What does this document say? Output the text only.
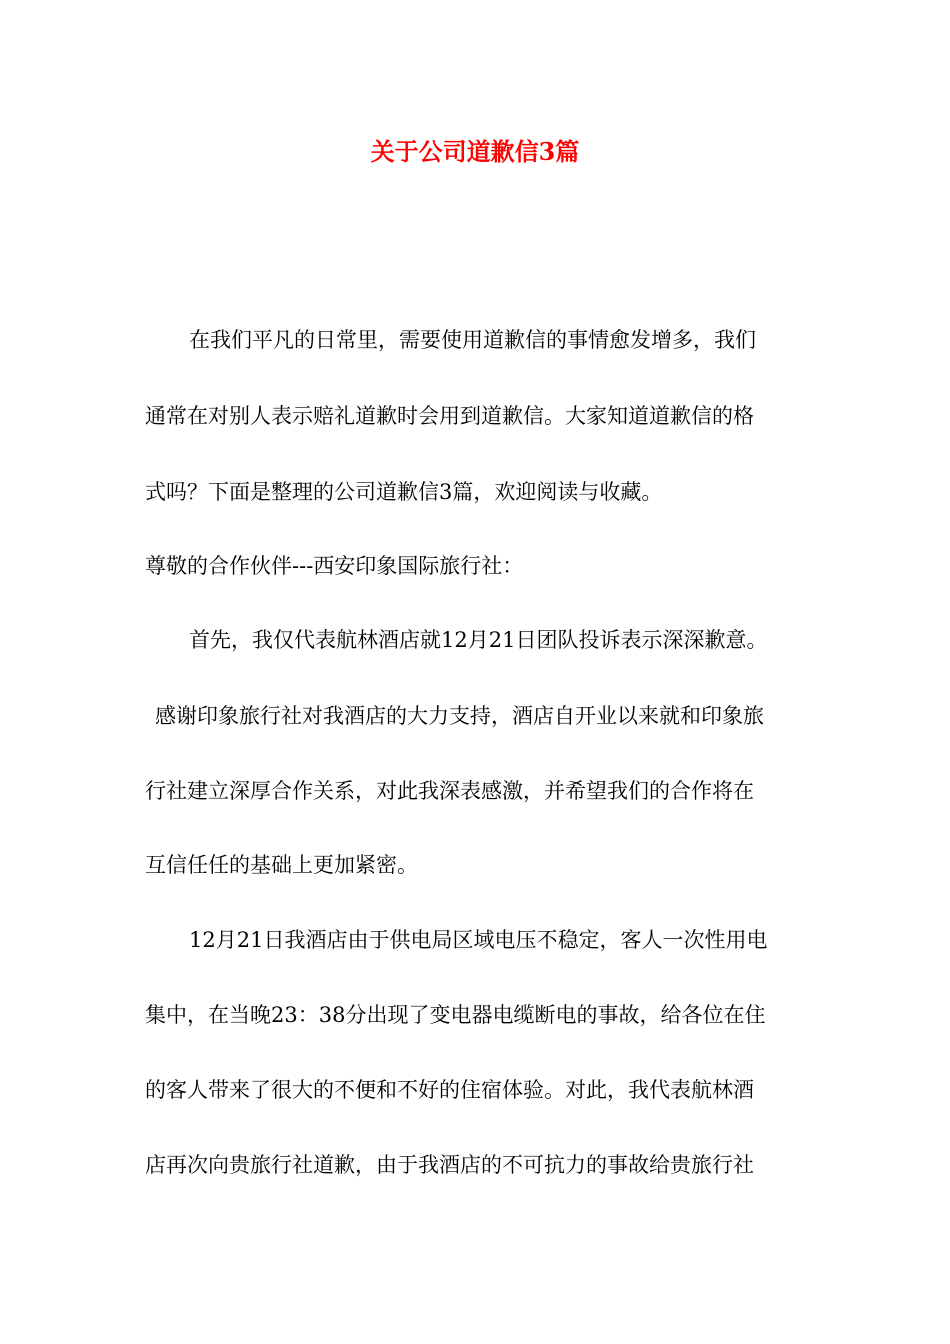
关于公司道歉信3篇

在我们平凡的日常里，需要使用道歉信的事情愈发增多，我们

通常在对别人表示赔礼道歉时会用到道歉信。大家知道道歉信的格

式吗？下面是整理的公司道歉信3篇，欢迎阅读与收藏。

尊敬的合作伙伴---西安印象国际旅行社：

首先，我仅代表航林酒店就12月21日团队投诉表示深深歉意。

感谢印象旅行社对我酒店的大力支持，酒店自开业以来就和印象旅

行社建立深厚合作关系，对此我深表感激，并希望我们的合作将在

互信任任的基础上更加紧密。

12月21日我酒店由于供电局区域电压不稳定，客人一次性用电

集中，在当晚23：38分出现了变电器电缆断电的事故，给各位在住

的客人带来了很大的不便和不好的住宿体验。对此，我代表航林酒

店再次向贵旅行社道歉，由于我酒店的不可抗力的事故给贵旅行社
